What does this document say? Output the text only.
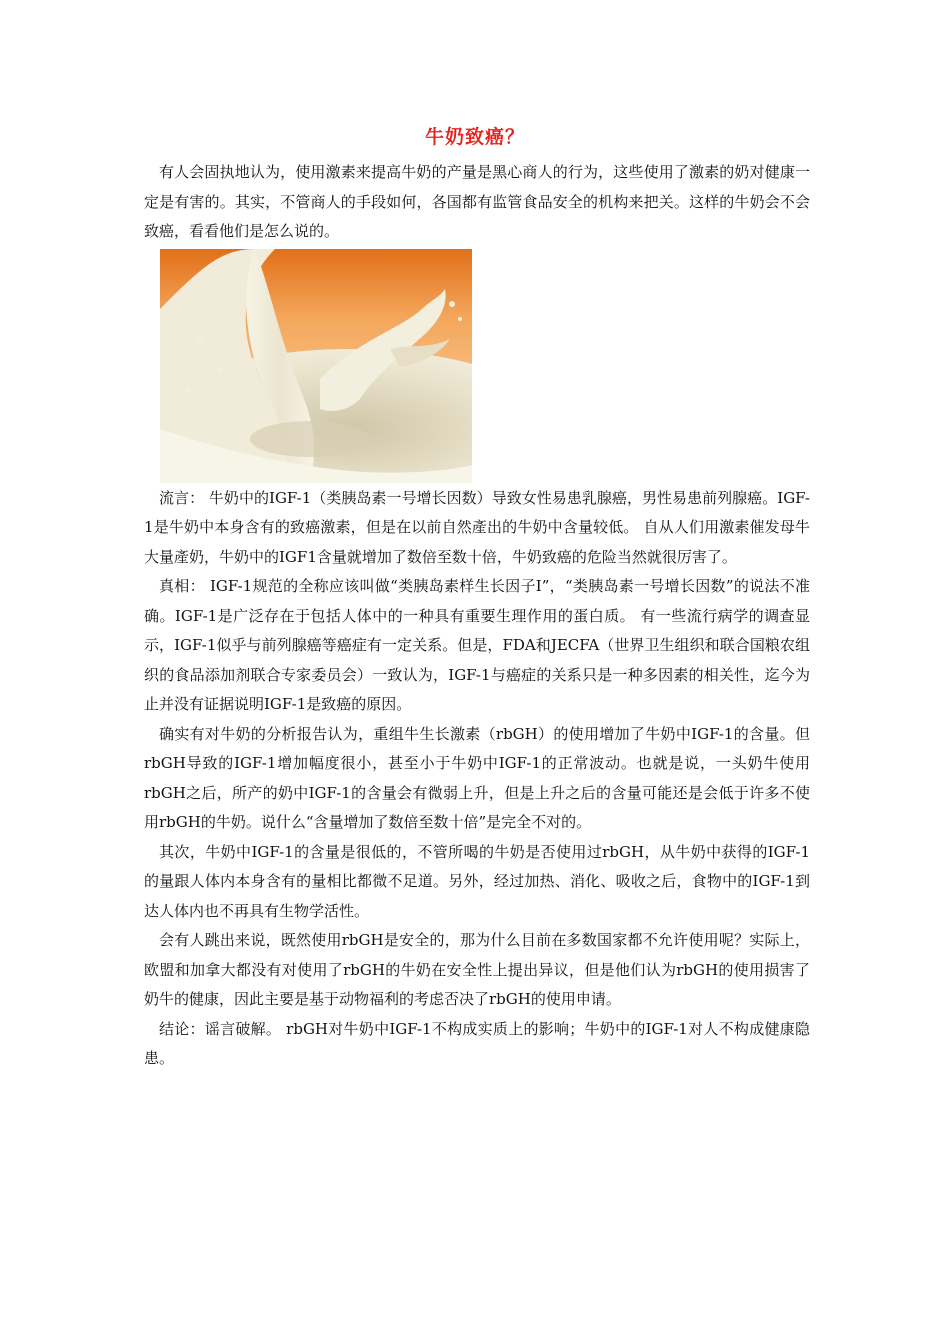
牛奶致癌？

有人会固执地认为，使用激素来提高牛奶的产量是黑心商人的行为，这些使用了激素的奶对健康一定是有害的。其实，不管商人的手段如何，各国都有监管食品安全的机构来把关。这样的牛奶会不会致癌，看看他们是怎么说的。

流言： 牛奶中的IGF-1（类胰岛素一号增长因数）导致女性易患乳腺癌，男性易患前列腺癌。IGF-1是牛奶中本身含有的致癌激素，但是在以前自然產出的牛奶中含量较低。 自从人们用激素催发母牛大量產奶，牛奶中的IGF1含量就增加了数倍至数十倍，牛奶致癌的危险当然就很厉害了。

真相： IGF-1规范的全称应该叫做“类胰岛素样生长因子I”，“类胰岛素一号增长因数”的说法不准确。IGF-1是广泛存在于包括人体中的一种具有重要生理作用的蛋白质。 有一些流行病学的调查显示，IGF-1似乎与前列腺癌等癌症有一定关系。但是，FDA和JECFA（世界卫生组织和联合国粮农组织的食品添加剂联合专家委员会）一致认为，IGF-1与癌症的关系只是一种多因素的相关性，迄今为止并没有证据说明IGF-1是致癌的原因。

确实有对牛奶的分析报告认为，重组牛生长激素（rbGH）的使用增加了牛奶中IGF-1的含量。但rbGH导致的IGF-1增加幅度很小，甚至小于牛奶中IGF-1的正常波动。也就是说，一头奶牛使用rbGH之后，所产的奶中IGF-1的含量会有微弱上升，但是上升之后的含量可能还是会低于许多不使用rbGH的牛奶。说什么“含量增加了数倍至数十倍”是完全不对的。

其次，牛奶中IGF-1的含量是很低的，不管所喝的牛奶是否使用过rbGH，从牛奶中获得的IGF-1的量跟人体内本身含有的量相比都微不足道。另外，经过加热、消化、吸收之后，食物中的IGF-1到达人体内也不再具有生物学活性。

会有人跳出来说，既然使用rbGH是安全的，那为什么目前在多数国家都不允许使用呢？实际上，欧盟和加拿大都没有对使用了rbGH的牛奶在安全性上提出异议，但是他们认为rbGH的使用损害了奶牛的健康，因此主要是基于动物福利的考虑否决了rbGH的使用申请。

结论：谣言破解。 rbGH对牛奶中IGF-1不构成实质上的影响；牛奶中的IGF-1对人不构成健康隐患。
